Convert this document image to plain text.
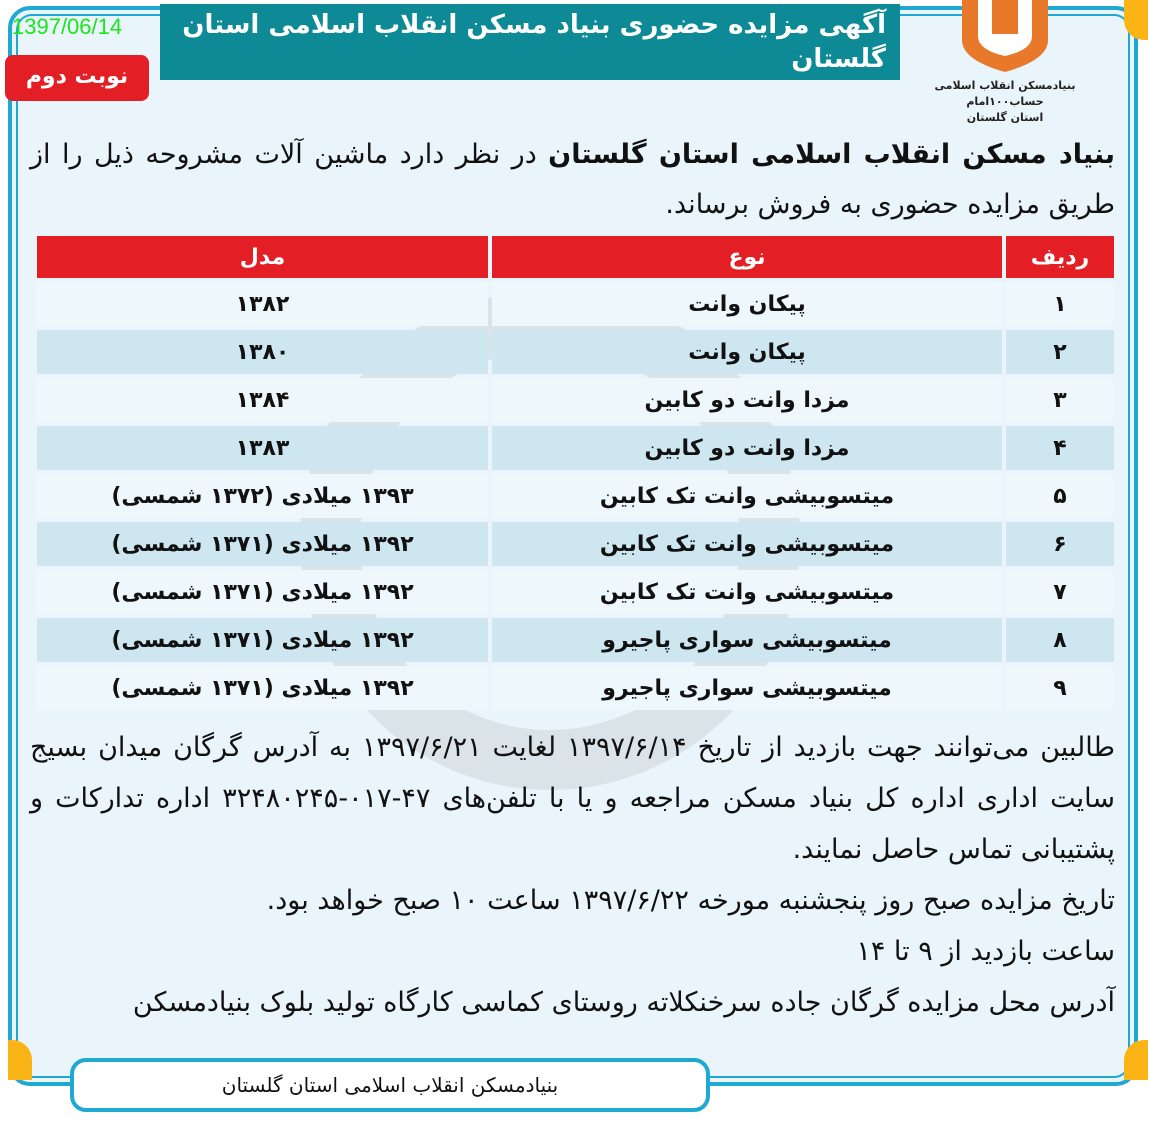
آگهی مزایده حضوری بنیاد مسکن انقلاب اسلامی استان گلستان
1397/06/14
نوبت دوم	بنیادمسکن انقلاب اسلامی
حساب۱۰۰امام
استان گلستان
بنیاد مسکن انقلاب اسلامی استان گلستان در نظر دارد ماشین آلات مشروحه ذیل را از طریق مزایده حضوری به فروش برساند.
ردیف	نوع	مدل
۱	پیکان وانت	۱۳۸۲
۲	پیکان وانت	۱۳۸۰
۳	مزدا وانت دو کابین	۱۳۸۴
۴	مزدا وانت دو کابین	۱۳۸۳
۵	میتسوبیشی وانت تک کابین	۱۳۹۳ میلادی (۱۳۷۲ شمسی)
۶	میتسوبیشی وانت تک کابین	۱۳۹۲ میلادی (۱۳۷۱ شمسی)
۷	میتسوبیشی وانت تک کابین	۱۳۹۲ میلادی (۱۳۷۱ شمسی)
۸	میتسوبیشی سواری پاجیرو	۱۳۹۲ میلادی (۱۳۷۱ شمسی)
۹	میتسوبیشی سواری پاجیرو	۱۳۹۲ میلادی (۱۳۷۱ شمسی)

طالبین می‌توانند جهت بازدید از تاریخ ۱۳۹۷/۶/۱۴ لغایت ۱۳۹۷/۶/۲۱ به آدرس گرگان میدان بسیج سایت اداری اداره کل بنیاد مسکن مراجعه و یا با تلفن‌های ۴۷-۰۱۷-۳۲۴۸۰۲۴۵ اداره تدارکات و پشتیبانی تماس حاصل نمایند.

تاریخ مزایده صبح روز پنجشنبه مورخه ۱۳۹۷/۶/۲۲ ساعت ۱۰ صبح خواهد بود.

ساعت بازدید از ۹ تا ۱۴

آدرس محل مزایده گرگان جاده سرخنکلاته روستای کماسی کارگاه تولید بلوک بنیادمسکن

بنیادمسکن انقلاب اسلامی استان گلستان
